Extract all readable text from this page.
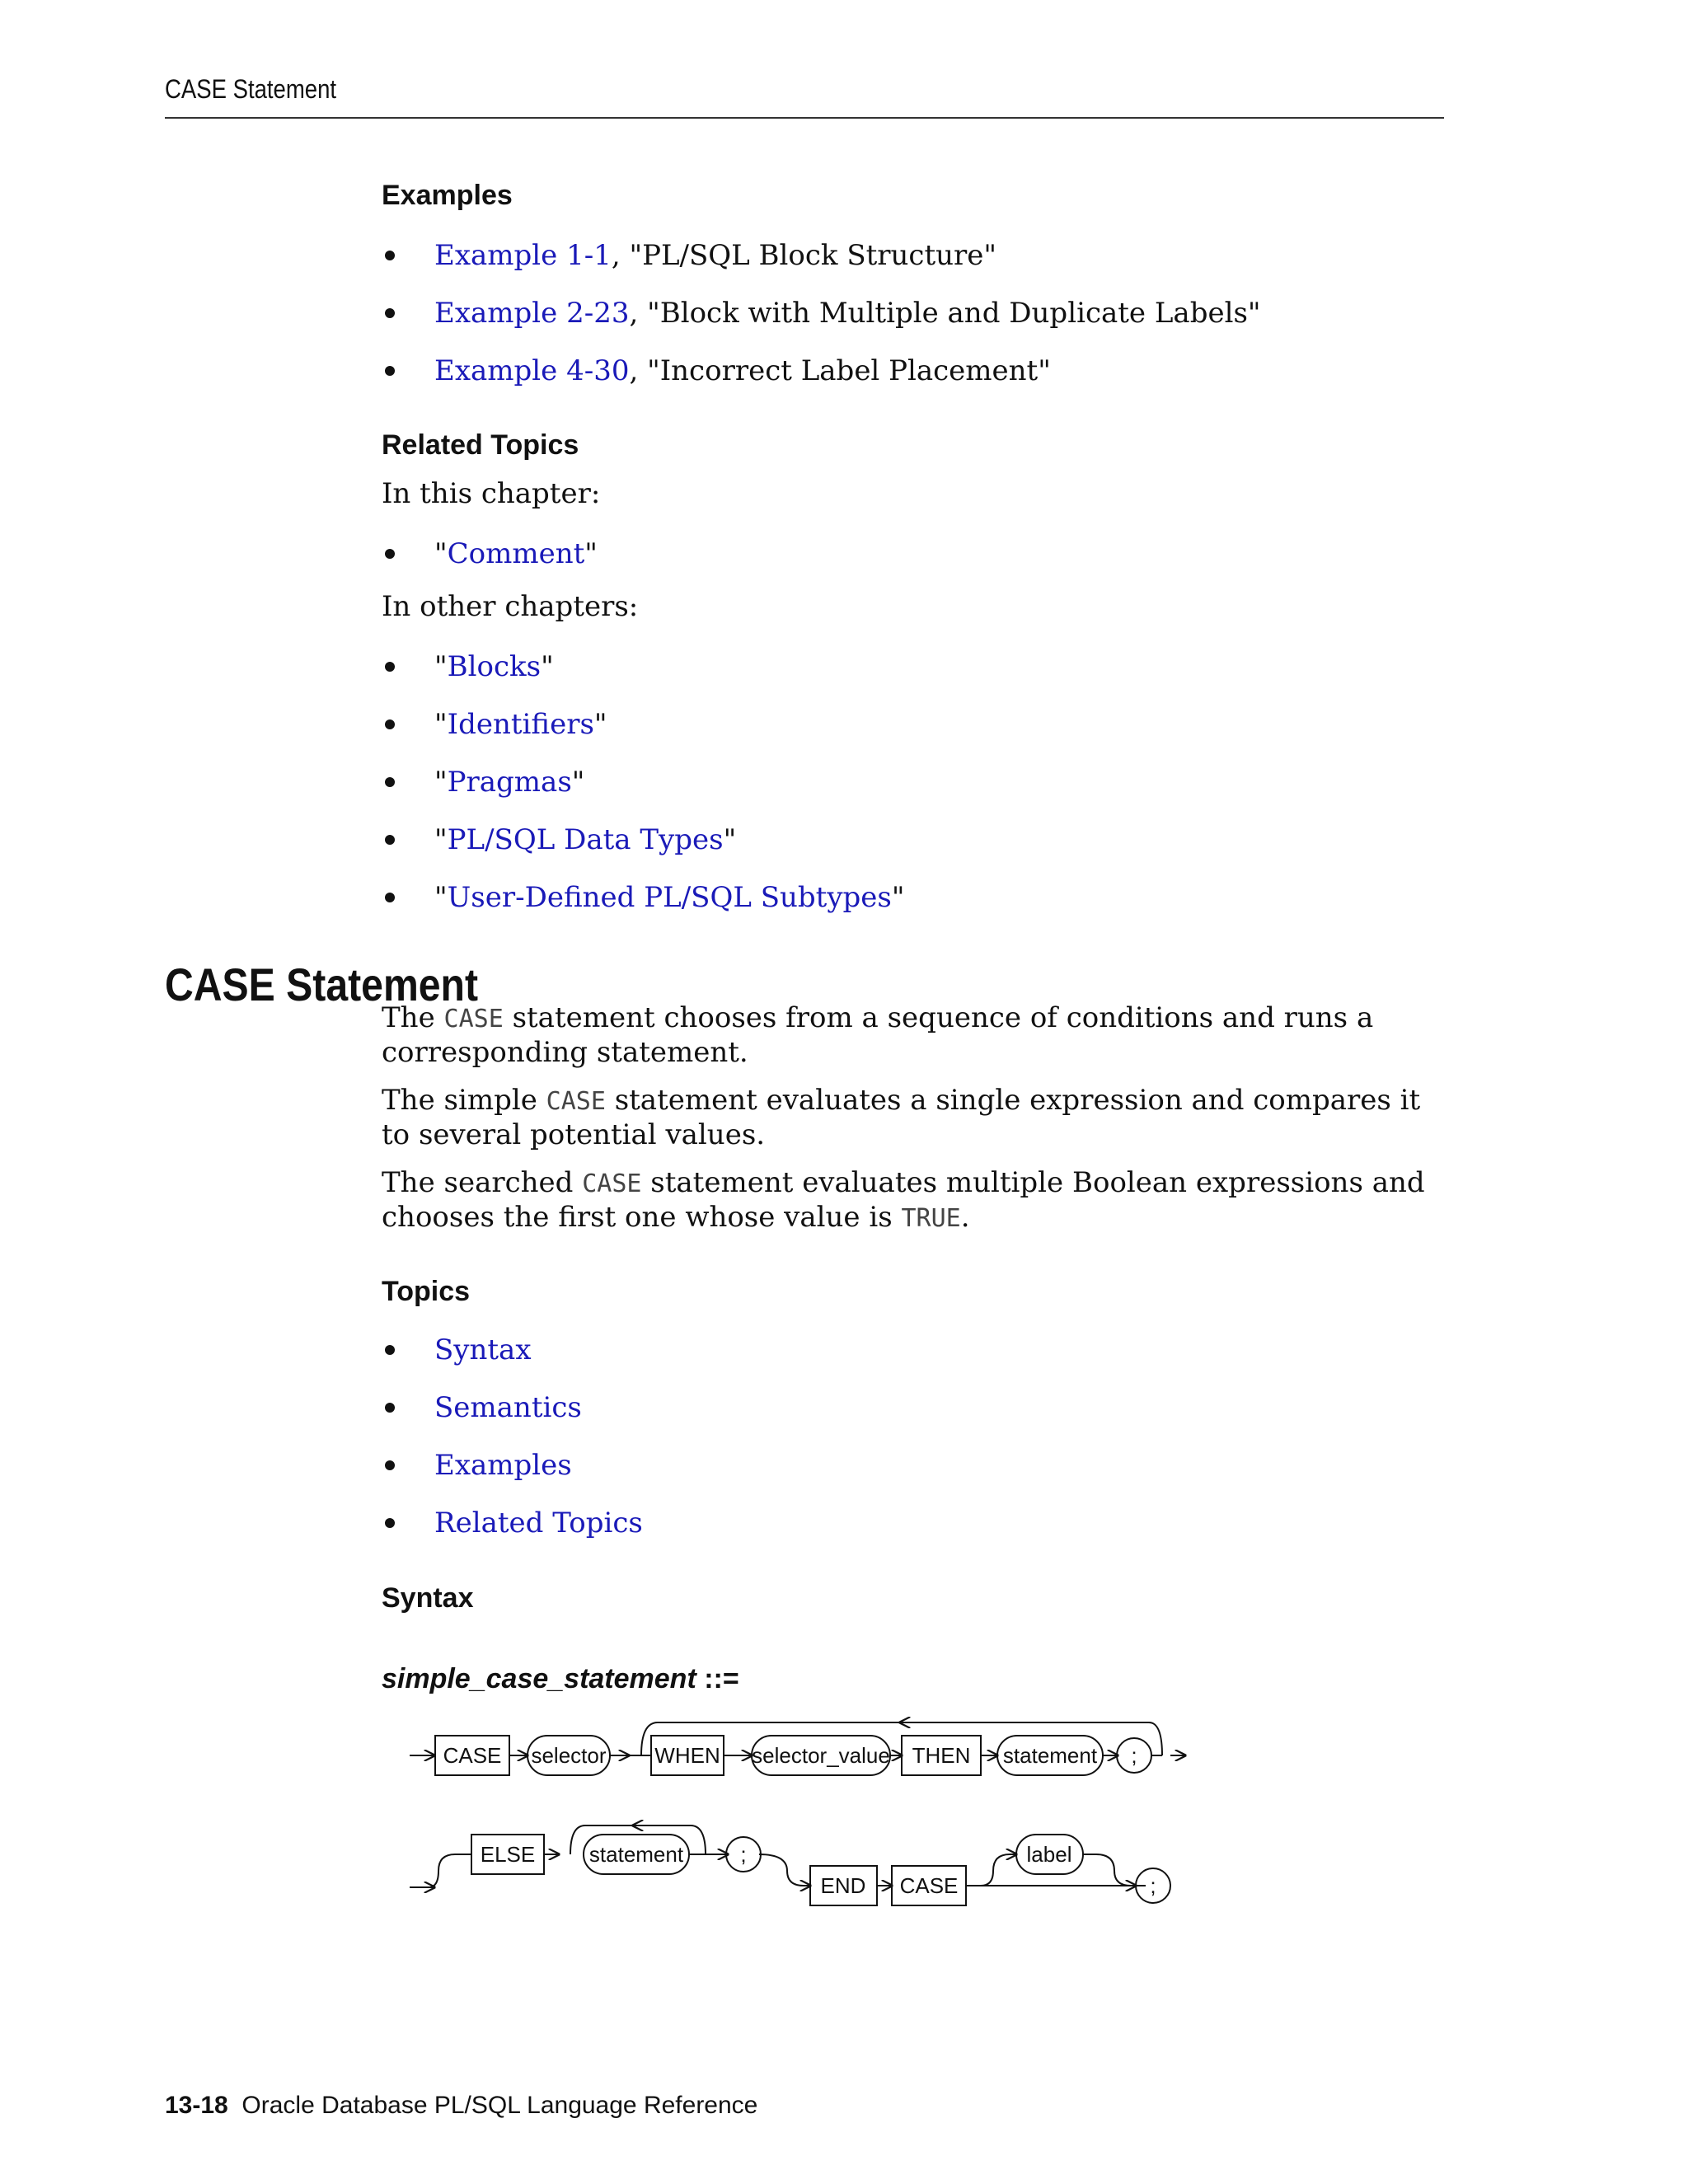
CASE Statement
Examples
Example 1-1, "PL/SQL Block Structure"
Example 2-23, "Block with Multiple and Duplicate Labels"
Example 4-30, "Incorrect Label Placement"
Related Topics
In this chapter:
"Comment"
In other chapters:
"Blocks"
"Identifiers"
"Pragmas"
"PL/SQL Data Types"
"User-Defined PL/SQL Subtypes"
CASE Statement
The CASE statement chooses from a sequence of conditions and runs a corresponding statement.
The simple CASE statement evaluates a single expression and compares it to several potential values.
The searched CASE statement evaluates multiple Boolean expressions and chooses the first one whose value is TRUE.
Topics
Syntax
Semantics
Examples
Related Topics
Syntax
simple_case_statement ::=
CASE selector WHEN selector_value THEN statement ;
ELSE	statement	;
END CASE
label
;
13-18 Oracle Database PL/SQL Language Reference
